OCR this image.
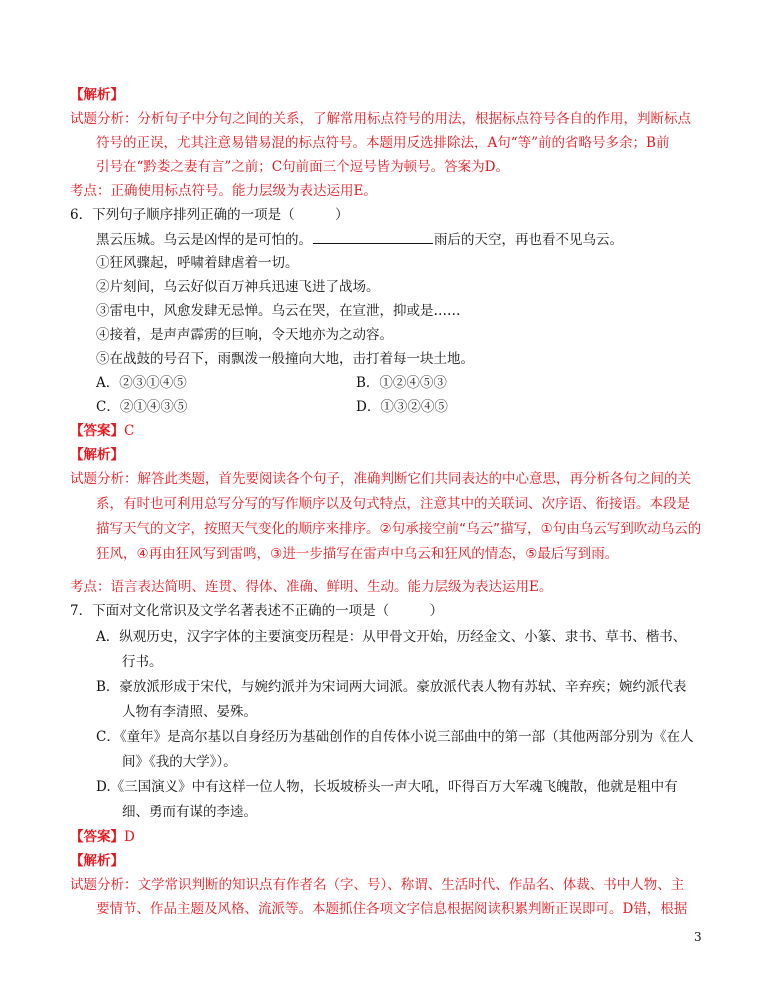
【解析】
试题分析：分析句子中分句之间的关系，了解常用标点符号的用法，根据标点符号各自的作用，判断标点
符号的正误，尤其注意易错易混的标点符号。本题用反选排除法，A句“等”前的省略号多余；B前
引号在“黔娄之妻有言”之前；C句前面三个逗号皆为顿号。答案为D。
考点：正确使用标点符号。能力层级为表达运用E。
6．下列句子顺序排列正确的一项是（　　　）
黑云压城。乌云是凶悍的是可怕的。	雨后的天空，再也看不见乌云。
①狂风骤起，呼啸着肆虐着一切。
②片刻间，乌云好似百万神兵迅速飞进了战场。
③雷电中，风愈发肆无忌惮。乌云在哭，在宣泄，抑或是……
④接着，是声声霹雳的巨响，令天地亦为之动容。
⑤在战鼓的号召下，雨飘泼一般撞向大地，击打着每一块土地。
A．②③①④⑤	B．①②④⑤③
C．②①④③⑤	D．①③②④⑤
【答案】C
【解析】
试题分析：解答此类题，首先要阅读各个句子，准确判断它们共同表达的中心意思，再分析各句之间的关
系，有时也可利用总写分写的写作顺序以及句式特点，注意其中的关联词、次序语、衔接语。本段是
描写天气的文字，按照天气变化的顺序来排序。②句承接空前“乌云”描写，①句由乌云写到吹动乌云的
狂风，④再由狂风写到雷鸣，③进一步描写在雷声中乌云和狂风的情态，⑤最后写到雨。
考点：语言表达简明、连贯、得体、准确、鲜明、生动。能力层级为表达运用E。
7．下面对文化常识及文学名著表述不正确的一项是（　　　）
A．纵观历史，汉字字体的主要演变历程是：从甲骨文开始，历经金文、小篆、隶书、草书、楷书、
行书。
B．豪放派形成于宋代，与婉约派并为宋词两大词派。豪放派代表人物有苏轼、辛弃疾；婉约派代表
人物有李清照、晏殊。
C．《童年》是高尔基以自身经历为基础创作的自传体小说三部曲中的第一部（其他两部分别为《在人
间》《我的大学》）。
D.《三国演义》中有这样一位人物，长坂坡桥头一声大吼，吓得百万大军魂飞魄散，他就是粗中有
细、勇而有谋的李逵。
【答案】D
【解析】
试题分析：文学常识判断的知识点有作者名（字、号）、称谓、生活时代、作品名、体裁、书中人物、主
要情节、作品主题及风格、流派等。本题抓住各项文字信息根据阅读积累判断正误即可。D错，根据
3
